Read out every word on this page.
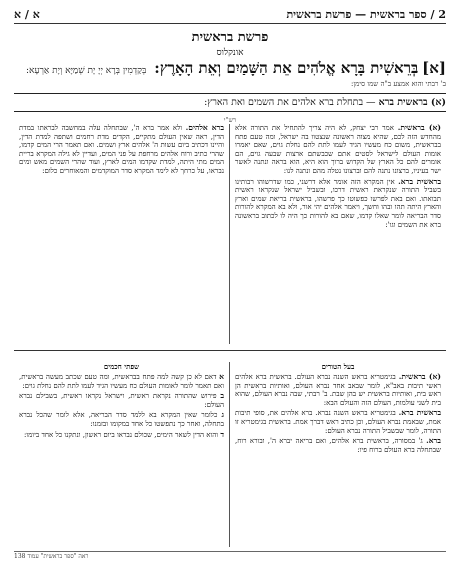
א / א	2 / ספר בראשית — פרשת בראשית
פרשת בראשית
אונקלוס
[א]בְּרֵאשִׁית בָּרָא אֱלֹהִים אֵת הַשָּׁמַיִם וְאֵת הָאָרֶץ:בְּקַדְמִין בְּרָא יְיָ יָת שְׁמַיָּא וְיָת אַרְעָא:
ב' רבתי והוא אמצע ב"ה שמו סימן:
(א) בראשית ברא — בתחלת ברא אלהים את השמים ואת הארץ:
רש"י

(א) בראשית. אמר רבי יצחק, לא היה צריך להתחיל את התורה אלא מהחדש הזה לכם, שהיא מצוה ראשונה שנצטוו בה ישראל, ומה טעם פתח בבראשית, משום כח מעשיו הגיד לעמו לתת להם נחלת גוים, שאם יאמרו אומות העולם לישראל לסטים אתם שכבשתם ארצות שבעה גוים, הם אומרים להם כל הארץ של הקדוש ברוך הוא היא, הוא בראה ונתנה לאשר ישר בעיניו, ברצונו נתנה להם וברצונו נטלה מהם ונתנה לנו:

בראשית ברא. אין המקרא הזה אומר אלא דרשני, כמו שדרשוהו רבותינו בשביל התורה שנקראת ראשית דרכו, ובשביל ישראל שנקראו ראשית תבואתו. ואם באת לפרשו כפשוטו כך פרשהו, בראשית בריאת שמים וארץ והארץ היתה תהו ובהו וחשך, ויאמר אלהים יהי אור, ולא בא המקרא להורות סדר הבריאה לומר שאלו קדמו, שאם בא להורות כך היה לו לכתוב בראשונה ברא את השמים וגו':

ברא אלהים. ולא אמר ברא ה', שבתחלה עלה במחשבה לבראתו במדת הדין, ראה שאין העולם מתקיים, הקדים מדת רחמים ושתפה למדת הדין, והיינו דכתיב ביום עשות ה' אלהים ארץ ושמים. ואם תאמר הרי המים קדמו, שהרי כתיב ורוח אלהים מרחפת על פני המים, ועדיין לא גילה המקרא בריית המים מתי היתה, למדת שקדמו המים לארץ, ועוד שהרי השמים מאש ומים נבראו, על כרחך לא לימד המקרא סדר המוקדמים והמאוחרים כלום:

בעל הטורים

(א) בראשית. בגימטריא בראש השנה נברא העולם. בראשית ברא אלהים ראשי תיבות באב"א, לומר שבאב אחד נברא העולם, ואותיות בראשית הן ראש בית, ואותיות בראשית יש בהן שבת. ב' רבתי, שבה נברא העולם, שהוא בית לשני עולמות, העולם הזה והעולם הבא:

בראשית ברא. בגימטריא בראש השנה נברא. ברא אלהים את, סופי תיבות אמת, שבאמת נברא העולם, וכן כתיב ראש דברך אמת. בראשית בגימטריא זו התורה, לומר שבשביל התורה נברא העולם:

ברא. ג' במסורה, בראשית ברא אלהים, ואם בריאה יברא ה', ובורא רוח, שבתחלה ברא העולם ברוח פיו:

שפתי חכמים

א דאם לא כן קשה למה פתח בבראשית, ומה טעם שכתב מעשה בראשית, ואם תאמר לומר לאומות העולם כח מעשיו הגיד לעמו לתת להם נחלת גוים:

ב פירוש שהתורה נקראת ראשית, וישראל נקראו ראשית, בשבילם נברא העולם:

ג כלומר שאין המקרא בא ללמד סדר הבריאה, אלא לומר שהכל נברא בתחלה, ואחר כך נתפשטו כל אחד במקומו ובזמנו:

ד והוא הדין לשאר הימים, שכולם נבראו ביום ראשון, ונתקנו כל אחד ביומו:

ראה "ספר בראשית" עמוד 138
